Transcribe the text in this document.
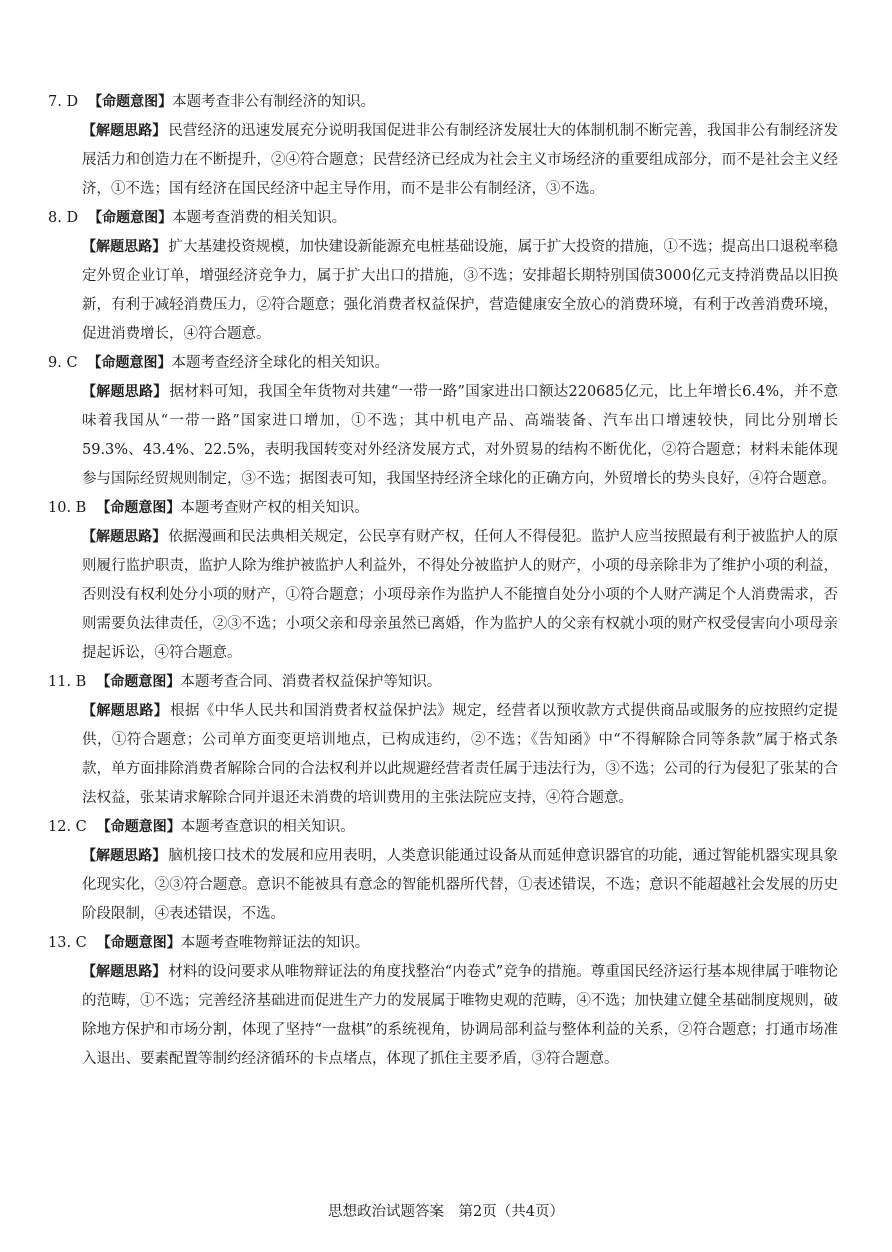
7. D 【命题意图】本题考查非公有制经济的知识。

【解题思路】 民营经济的迅速发展充分说明我国促进非公有制经济发展壮大的体制机制不断完善，我国非公有制经济发展活力和创造力在不断提升，②④符合题意；民营经济已经成为社会主义市场经济的重要组成部分，而不是社会主义经济，①不选；国有经济在国民经济中起主导作用，而不是非公有制经济，③不选。

8. D 【命题意图】本题考查消费的相关知识。

【解题思路】 扩大基建投资规模，加快建设新能源充电桩基础设施，属于扩大投资的措施，①不选；提高出口退税率稳定外贸企业订单，增强经济竞争力，属于扩大出口的措施，③不选；安排超长期特别国债3000亿元支持消费品以旧换新，有利于减轻消费压力，②符合题意；强化消费者权益保护，营造健康安全放心的消费环境，有利于改善消费环境，促进消费增长，④符合题意。

9. C 【命题意图】本题考查经济全球化的相关知识。

【解题思路】 据材料可知，我国全年货物对共建“一带一路”国家进出口额达220685亿元，比上年增长6.4%，并不意味着我国从“一带一路”国家进口增加，①不选；其中机电产品、高端装备、汽车出口增速较快，同比分别增长59.3%、43.4%、22.5%，表明我国转变对外经济发展方式，对外贸易的结构不断优化，②符合题意；材料未能体现参与国际经贸规则制定，③不选；据图表可知，我国坚持经济全球化的正确方向，外贸增长的势头良好，④符合题意。

10. B 【命题意图】本题考查财产权的相关知识。

【解题思路】 依据漫画和民法典相关规定，公民享有财产权，任何人不得侵犯。监护人应当按照最有利于被监护人的原则履行监护职责，监护人除为维护被监护人利益外，不得处分被监护人的财产，小项的母亲除非为了维护小项的利益，否则没有权利处分小项的财产，①符合题意；小项母亲作为监护人不能擅自处分小项的个人财产满足个人消费需求，否则需要负法律责任，②③不选；小项父亲和母亲虽然已离婚，作为监护人的父亲有权就小项的财产权受侵害向小项母亲提起诉讼，④符合题意。

11. B 【命题意图】本题考查合同、消费者权益保护等知识。

【解题思路】 根据《中华人民共和国消费者权益保护法》规定，经营者以预收款方式提供商品或服务的应按照约定提供，①符合题意；公司单方面变更培训地点，已构成违约，②不选；《告知函》中“不得解除合同等条款”属于格式条款，单方面排除消费者解除合同的合法权利并以此规避经营者责任属于违法行为，③不选；公司的行为侵犯了张某的合法权益，张某请求解除合同并退还未消费的培训费用的主张法院应支持，④符合题意。

12. C 【命题意图】本题考查意识的相关知识。

【解题思路】 脑机接口技术的发展和应用表明，人类意识能通过设备从而延伸意识器官的功能，通过智能机器实现具象化现实化，②③符合题意。意识不能被具有意念的智能机器所代替，①表述错误，不选；意识不能超越社会发展的历史阶段限制，④表述错误，不选。

13. C 【命题意图】本题考查唯物辩证法的知识。

【解题思路】 材料的设问要求从唯物辩证法的角度找整治“内卷式”竞争的措施。尊重国民经济运行基本规律属于唯物论的范畴，①不选；完善经济基础进而促进生产力的发展属于唯物史观的范畴，④不选；加快建立健全基础制度规则，破除地方保护和市场分割，体现了坚持“一盘棋”的系统视角，协调局部利益与整体利益的关系，②符合题意；打通市场准入退出、要素配置等制约经济循环的卡点堵点，体现了抓住主要矛盾，③符合题意。

思想政治试题答案　第2页（共4页）
